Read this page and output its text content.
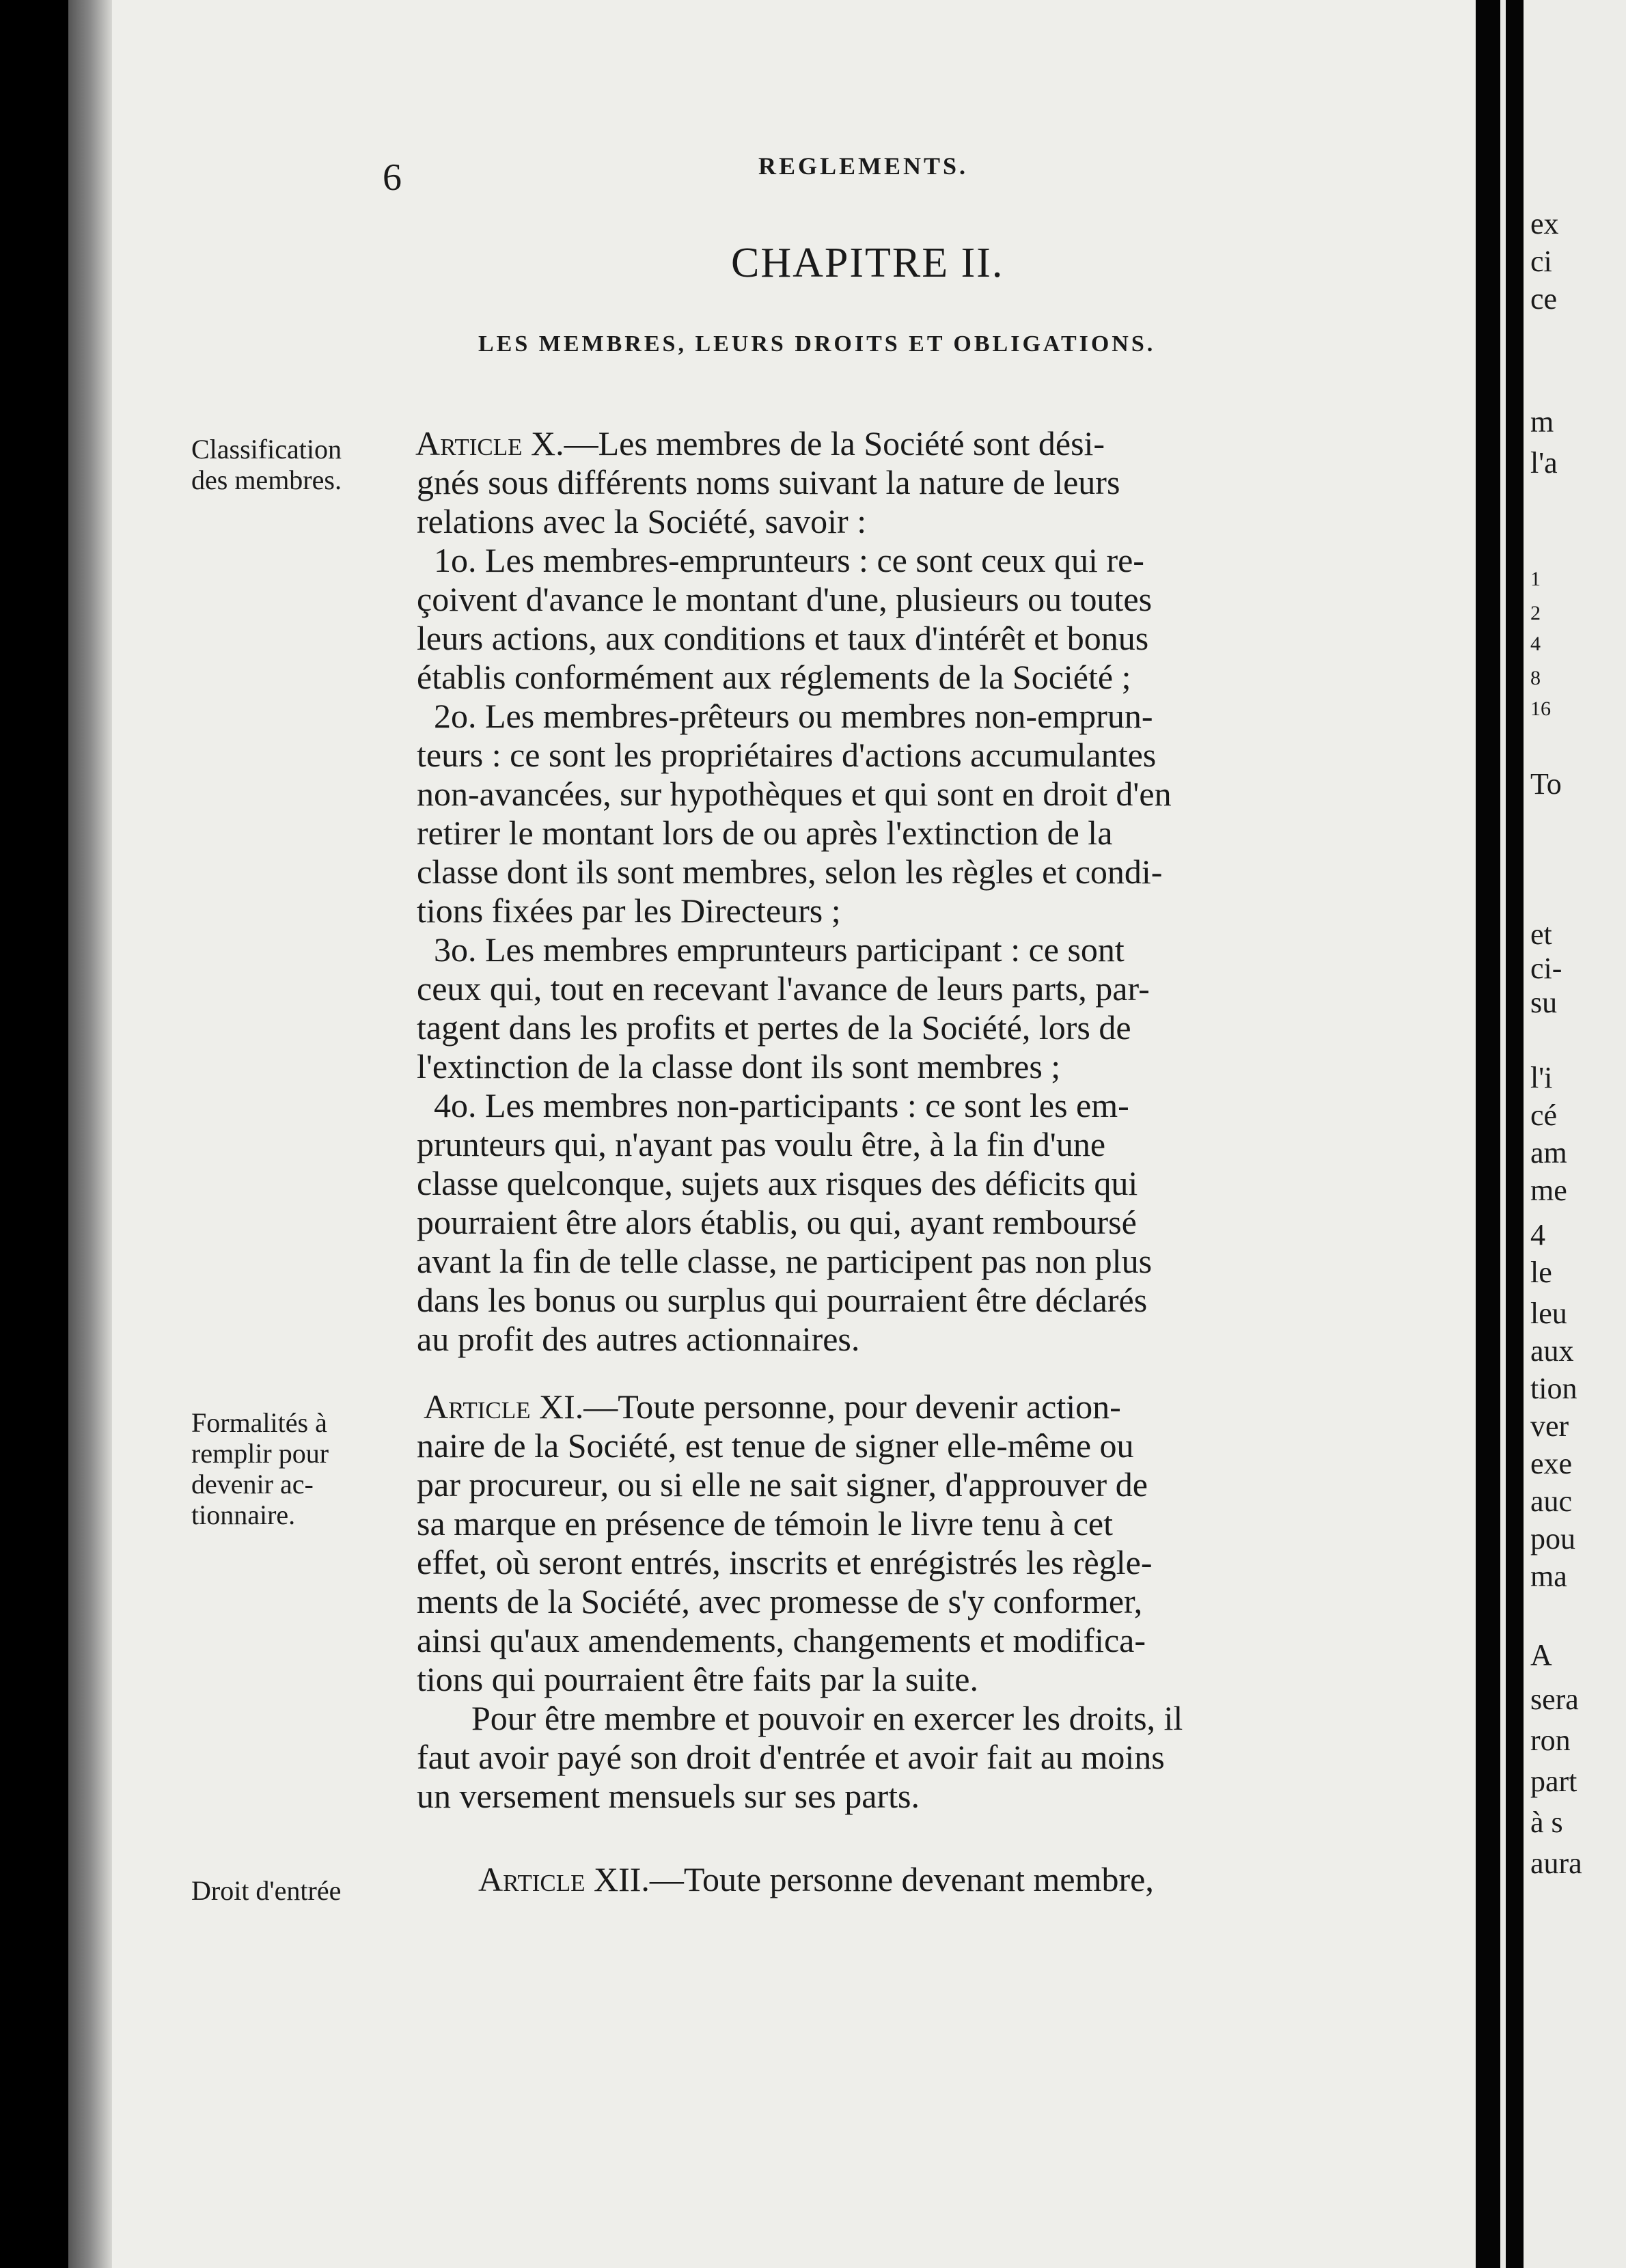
ex
ci
ce
m
l'a
1
2
4
8
16
To
et
ci-
su
l'i
cé
am
me
4
le
leu
aux
tion
ver
exe
auc
pou
ma
A
sera
ron
part
à s
aura
6	REGLEMENTS.
CHAPITRE II.
LES MEMBRES, LEURS DROITS ET OBLIGATIONS.
Classification
des membres.
Formalités à
remplir pour
devenir ac-
tionnaire.
Droit d'entrée
Article X.—Les membres de la Société sont dési-
gnés sous différents noms suivant la nature de leurs
relations avec la Société, savoir :
1o. Les membres-emprunteurs : ce sont ceux qui re-
çoivent d'avance le montant d'une, plusieurs ou toutes
leurs actions, aux conditions et taux d'intérêt et bonus
établis conformément aux réglements de la Société ;
2o. Les membres-prêteurs ou membres non-emprun-
teurs : ce sont les propriétaires d'actions accumulantes
non-avancées, sur hypothèques et qui sont en droit d'en
retirer le montant lors de ou après l'extinction de la
classe dont ils sont membres, selon les règles et condi-
tions fixées par les Directeurs ;
3o. Les membres emprunteurs participant : ce sont
ceux qui, tout en recevant l'avance de leurs parts, par-
tagent dans les profits et pertes de la Société, lors de
l'extinction de la classe dont ils sont membres ;
4o. Les membres non-participants : ce sont les em-
prunteurs qui, n'ayant pas voulu être, à la fin d'une
classe quelconque, sujets aux risques des déficits qui
pourraient être alors établis, ou qui, ayant remboursé
avant la fin de telle classe, ne participent pas non plus
dans les bonus ou surplus qui pourraient être déclarés
au profit des autres actionnaires.
Article XI.—Toute personne, pour devenir action-
naire de la Société, est tenue de signer elle-même ou
par procureur, ou si elle ne sait signer, d'approuver de
sa marque en présence de témoin le livre tenu à cet
effet, où seront entrés, inscrits et enrégistrés les règle-
ments de la Société, avec promesse de s'y conformer,
ainsi qu'aux amendements, changements et modifica-
tions qui pourraient être faits par la suite.
Pour être membre et pouvoir en exercer les droits, il
faut avoir payé son droit d'entrée et avoir fait au moins
un versement mensuels sur ses parts.
Article XII.—Toute personne devenant membre,
